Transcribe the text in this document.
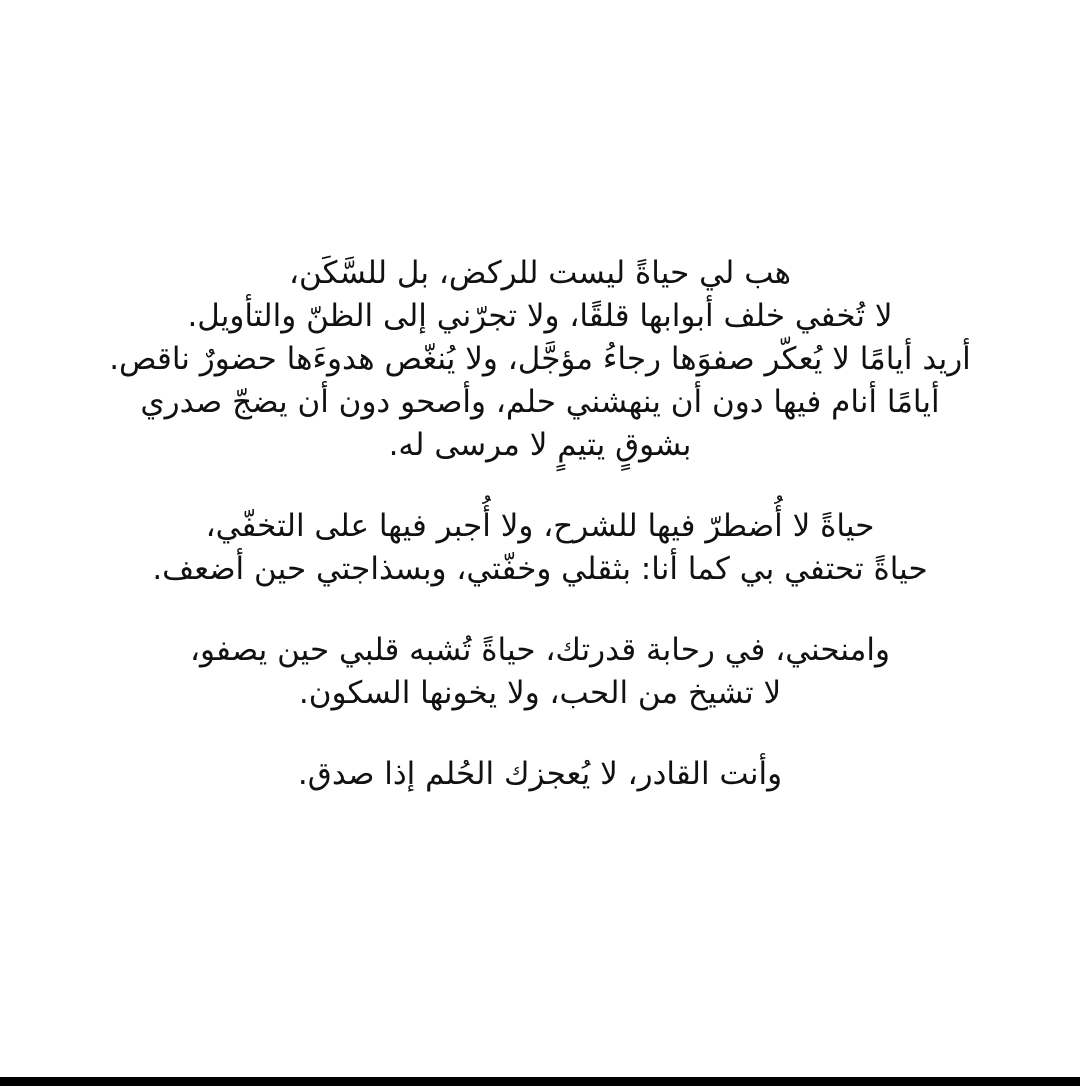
هب لي حياةً ليست للركض، بل للسَّكَن،
لا تُخفي خلف أبوابها قلقًا، ولا تجرّني إلى الظنّ والتأويل.
أريد أيامًا لا يُعكّر صفوَها رجاءُ مؤجَّل، ولا يُنغّص هدوءَها حضورٌ ناقص.
أيامًا أنام فيها دون أن ينهشني حلم، وأصحو دون أن يضجّ صدري
بشوقٍ يتيمٍ لا مرسى له.
حياةً لا أُضطرّ فيها للشرح، ولا أُجبر فيها على التخفّي،
حياةً تحتفي بي كما أنا: بثقلي وخفّتي، وبسذاجتي حين أضعف.
وامنحني، في رحابة قدرتك، حياةً تُشبه قلبي حين يصفو،
لا تشيخ من الحب، ولا يخونها السكون.
وأنت القادر، لا يُعجزك الحُلم إذا صدق.
